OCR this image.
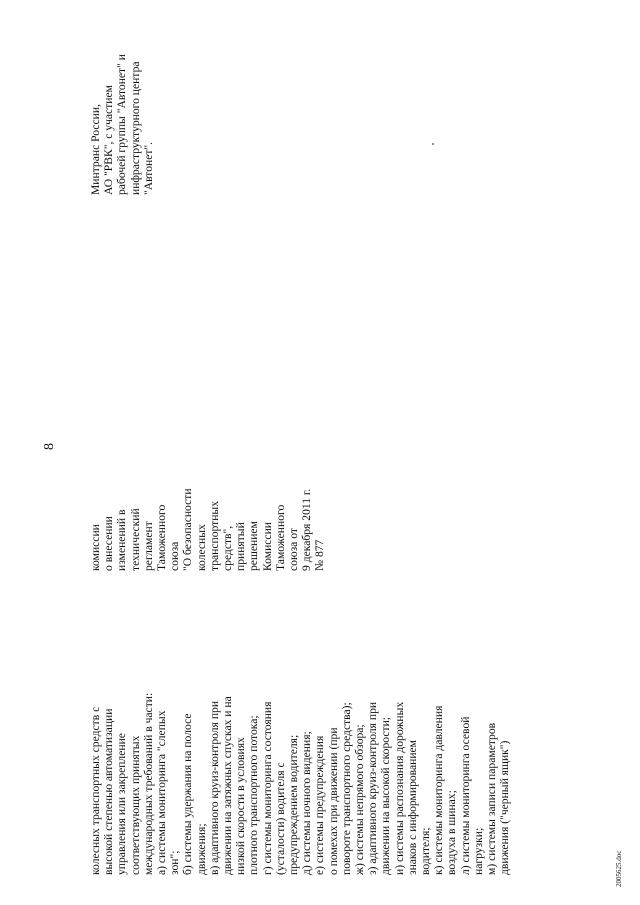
колесных транспортных средств с высокой степенью автоматизации управления или закрепление соответствующих принятых международных требований в части: а) системы мониторинга "слепых зон"; б) системы удержания на полосе движения; в) адаптивного круиз-контроля при движении на затяжных спусках и на низкой скорости в условиях плотного транспортного потока; г) системы мониторинга состояния (усталости) водителя с предупреждением водителя; д) системы ночного видения; е) системы предупреждения о помехах при движении (при повороте транспортного средства); ж) системы непрямого обзора; з) адаптивного круиз-контроля при движении на высокой скорости; и) системы распознания дорожных знаков с информированием водителя; к) системы мониторинга давления воздуха в шинах; л) системы мониторинга осевой нагрузки; м) системы записи параметров движения ("черный ящик")
комиссии о внесении изменений в технический регламент Таможенного союза "О безопасности колесных транспортных средств", принятый решением Комиссии Таможенного союза от 9 декабря 2011 г. № 877
8
Минтранс России, АО "РВК", с участием рабочей группы "Автонет" и инфраструктурного центра "Автонет".
2005625.doc
